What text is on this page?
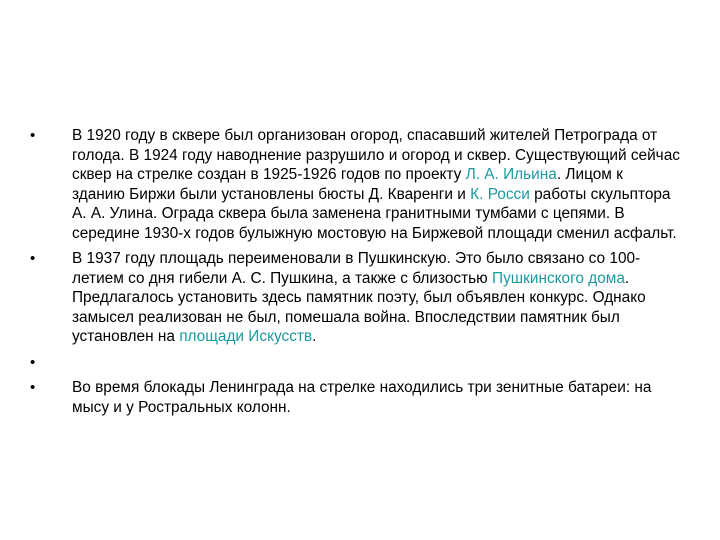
•	В 1920 году в сквере был организован огород, спасавший жителей Петрограда от голода. В 1924 году наводнение разрушило и огород и сквер. Существующий сейчас сквер на стрелке создан в 1925-1926 годов по проекту Л. А. Ильина. Лицом к зданию Биржи были установлены бюсты Д. Кваренги и К. Росси работы скульптора А. А. Улина. Ограда сквера была заменена гранитными тумбами с цепями. В середине 1930-х годов булыжную мостовую на Биржевой площади сменил асфальт.
•	В 1937 году площадь переименовали в Пушкинскую. Это было связано со 100-летием со дня гибели А. С. Пушкина, а также с близостью Пушкинского дома. Предлагалось установить здесь памятник поэту, был объявлен конкурс. Однако замысел реализован не был, помешала война. Впоследствии памятник был установлен на площади Искусств.
•
•	Во время блокады Ленинграда на стрелке находились три зенитные батареи: на мысу и у Ростральных колонн.
